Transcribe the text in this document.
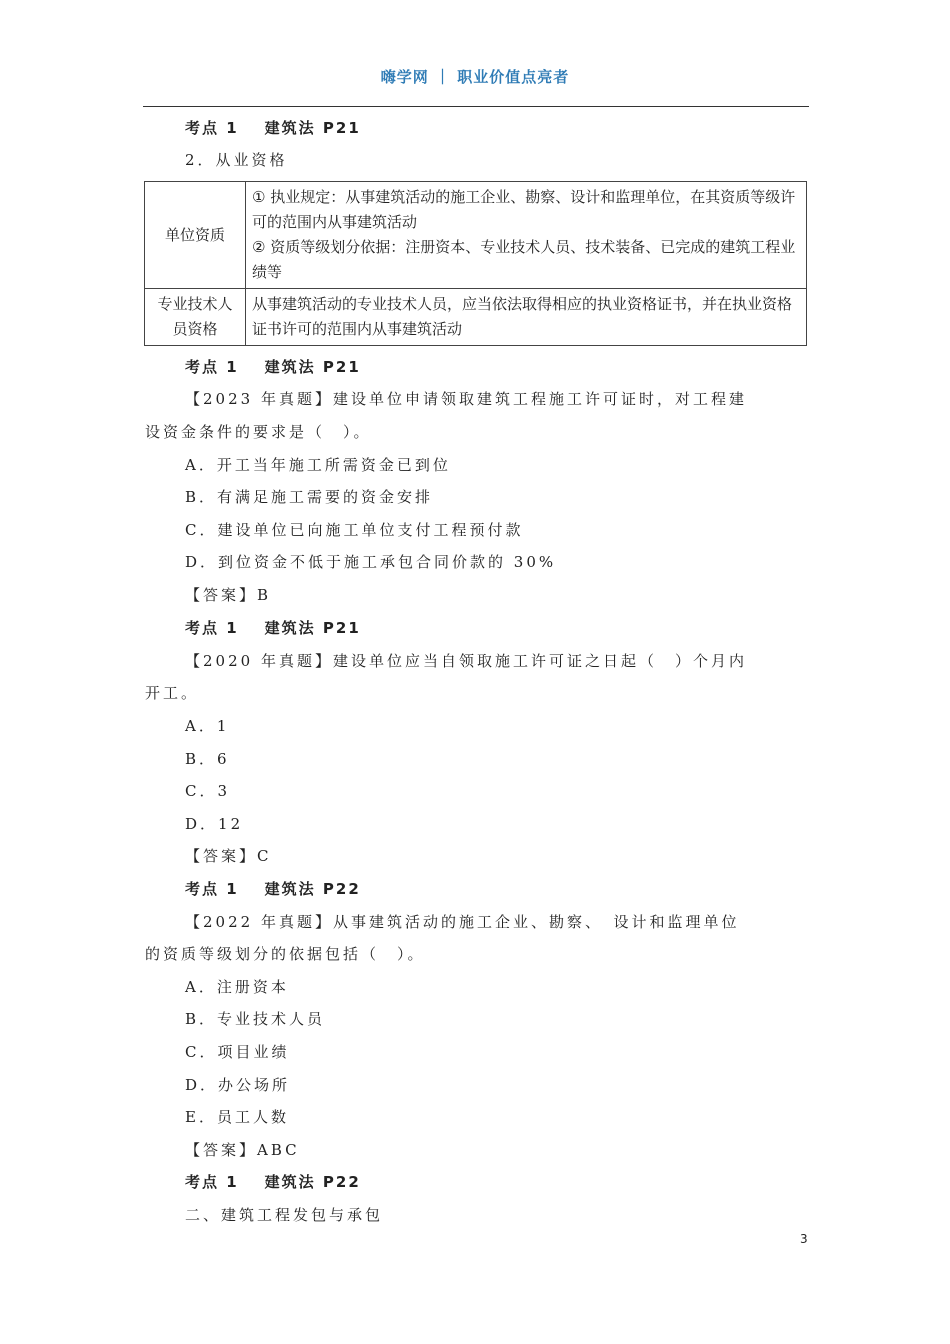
嗨学网 ｜ 职业价值点亮者
考点 1 建筑法 P21
2．从业资格
单位资质	① 执业规定：从事建筑活动的施工企业、勘察、设计和监理单位，在其资质等级许可的范围内从事建筑活动
② 资质等级划分依据：注册资本、专业技术人员、技术装备、已完成的建筑工程业绩等

专业技术人员资格	从事建筑活动的专业技术人员，应当依法取得相应的执业资格证书，并在执业资格证书许可的范围内从事建筑活动
考点 1 建筑法 P21
【2023 年真题】建设单位申请领取建筑工程施工许可证时，对工程建
设资金条件的要求是（　）。
A．开工当年施工所需资金已到位
B．有满足施工需要的资金安排
C．建设单位已向施工单位支付工程预付款
D．到位资金不低于施工承包合同价款的 30%
【答案】B
考点 1 建筑法 P21
【2020 年真题】建设单位应当自领取施工许可证之日起（　）个月内
开工。
A．1
B．6
C．3
D．12
【答案】C
考点 1 建筑法 P22
【2022 年真题】从事建筑活动的施工企业、勘察、　设计和监理单位
的资质等级划分的依据包括（　）。
A．注册资本
B．专业技术人员
C．项目业绩
D．办公场所
E．员工人数
【答案】ABC
考点 1 建筑法 P22
二、建筑工程发包与承包
3
